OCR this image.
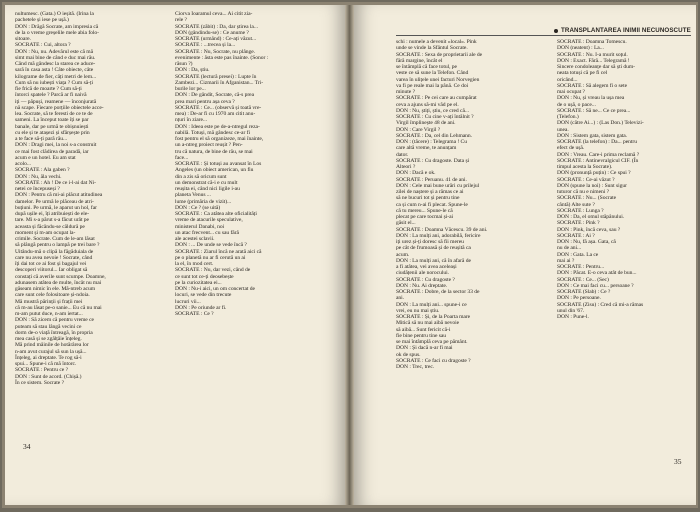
nultumesc. (Gata.) O ieșită. (Irina la
pachetele și iese pe ușă.)
DON : Drăgă Socrate, am impresia că
de la o vreme greșelile mele abia folo-
sitoare.
SOCRATE : Cui, altora ?
DON : Nu, nu. Adevărul este că mă
simt mai bine de când e duc mai rău.
Când mă gândesc la starea ce aduce-
sară în casa asta ! Câte obiecte, câte
kilograme de fier, câți metri de lem...
Cum să nu iubești viața ? Cum să-ți
fie frică de moarte ? Cum să-ți
întorci spatele ? Parcă ar fi naivă
iți — păpuși, reamene — înconjurată
nă scape. Fiecare porțiile obiectele acce-
lea. Socrate, să te feresti de ce te de
sameni. La început toate îți se par
banale, dar pe urmă te obișnuiești
cu ele și te atașezi și sfârșește prin
a te face să-ți pară rău...
DON : Dragi mei, la noi s-a construit
ce mai fost clădirea de paradă, iar
acum e un hotel. Eu am stat
acolo...
SOCRATE : Ala gaben ?
DON : Nu, ăla vechi.
SOCRATE : Ah ! De ce i-l-ai dat Ni-
netei ce începuseși ?
DON : Pentru că mi-ai plăcut atitudinea
damelor. Pe urmă le plăceau de atri-
buțiuni. Pe urmă, le aparut un hol, far
după ușile ei, îți atribuiești de ele-
tare. Mi s-a părut s-a făcut urât pe
aceasta și făcându-se căldură pe
moment și m-am ocupat la-
crimile. Socrate. Cum de le-am lăsat
să plângă pentru o lampă pe trei bare ?
Uitându-mă o clipă la făgăduiala de
care nu avea nevoie ! Socrate, când
îți dai tot ce ai fost și bagajul vei
descoperi viitorul... Iar obligat să
constați că averile sunt scumpe. Doamne,
adunasem atâtea de multe, încât nu mai
găseam nimic în ele. Mă-ntreb acum
care sunt cele folositoare și-ndoia.
Mă mustră părinții și frații mei
că m-au lăsat pe-o sanie... Eu că nu mai
m-am putut duce, n-am iertat...
DON : Să zicem că pentru vreme ce
puteam să stau lângă vecini ce
dorm de-o viață întreagă, în propria
mea casă și se zgâlțâie înțeleg.
Mă prind mâinile de hotărârea lor
n-am avut curajul să sun la ușă...
Înțeleg, ai dreptate. Te rog să-i
spui... Spune-i că mă întorc.
SOCRATE : Pentru ce ?
DON : Sunt de acord. (Chișă.)
În ce sistem. Socrate ?
Ciorva Ioaramul ceva... Ai citit zia-
rele ?
SOCRATE (zăbit) : Da, dar știrea la...
DON (gândindu-se) : Ce anume ?
SOCRATE (urmând) : Ce-ați văzut...
SOCRATE : ...trecea și la...
SOCRATE : Nu, Socrate, nu plânge.
evenimente : ăsta este pas înainte. (Sonor :
răsun ?)
DON : Da, știu.
SOCRATE (lectură presei) : Lupte în
Zambezi... Cizmarii în Afganistan... Tri-
burile lor pe...
DON : De gândit, Socrate, că-s prea
prea mari pentru așa ceva ?
SOCRATE : Ce... (observă și toată vre-
mea) : De-ar fi cu 1970 am citit anu-
nțuri în ziare...
DON : Ideea este pe de-a-ntregul reza-
nabilă. Totuși, mă gândesc ce-ar fi
fost pentru el să organizeze, mai înainte,
un a-ntreg proiect reușit ? Pen-
tru că natura, de bine de rău, se mai
face...
SOCRATE : Și totuși au avansat în Los
Angeles (un obiect american, un fiu
din a zis să oricum sunt
un demonstrat că-i e cu mult
reușita ei, când nici ligile i-au
planeta Venus ...
lume (primăria de vizit)...
DON : Ce ? (se uită)
SOCRATE : Ca atâtea alte oficialități
vreme de atacurile speculative,
ministerul Danabi, noi
un atac frecvent... cu sau fără
ale acestei sclavii.
DON : ... De unde se vede încă ?
SOCRATE : Ziarul încă ne arată aici că
pe o planetă nu ar fi cerută un ai
la el, în mod cert.
SOCRATE : Nu, dar vezi, când de
ce sunt tot ce-ți deosebește
pe la curiozitatea ei...
DON : Nu-i aici, un om concertat de
locuri, se vede din trecute
lucruri vii...
DON : Pe oriunde ar fi.
SOCRATE : Ce ?
34
TRANSPLANTAREA INIMII NECUNOSCUTE
schi : numele a devenit «local». Pink
unde se vinde la Sfântul Socrate.
SOCRATE : Sexa de proprietarii ale de
fără margine, încât el
se întâmplă că face totul, pe
veste ce să sune la Telefon. Când
varea în ulițele unei facturi Norvegien
va fi pe reale mai la până. Ce doi
minute ?
SOCRATE : Pe cei care au cumpărat
ceva a ajuns să-mi văd pe el.
DON : Nu, știți, știu, ce cred că...
SOCRATE : Cu cine v-ați întâlnit ?
Virgil împlinește 48 de ani.
DON : Care Virgil ?
SOCRATE : Da, cel din Lehmann.
DON : (tăcere) : Telegrama ! Cu
care altă vreme, te anunțam
dator.
SOCRATE : Cu dragoste. Data și
Alteori ?
DON : Dacă e ok.
SOCRATE : Peruanu. 41 de ani.
DON : Cele mai bune urări cu prilejul
zilei de naștere și a rămas ce ai
să ne bucuri tot și pentru tine
ca și cum n-ai fi plecat. Spune-le
că tu mereu... Spune-le că
plecat pe care tocmai și-ai
găsit el...
SOCRATE : Doamna Văcescu. 39 de ani.
DON : La mulți ani, adorabilă, fericire
iți urez și-ți doresc să fii mereu
pe cât de frumoasă și de reușită ca
acum.
DON : La mulți ani, că în afară de
a fi atâtea, vei avea aceleași
ciudățenii ale norocului.
SOCRATE : Cu dragoste ?
DON : Nu. Ai dreptate.
SOCRATE : Dobre, de la sector 33 de
ani.
DON : La mulți ani... spune-i ce
vrei, eu nu mai știu.
SOCRATE : Și, de la Poarta mare
Mitică să nu mai aibă nevoie
să aibă... Sunt fericit că-i
fie bine pentru tine sau
se mai întâmplă ceva pe pământ.
DON : Și dacă n-ar fi mai
ok de spus.
SOCRATE : Ce faci cu dragoste ?
DON : Trec, trec.
SOCRATE : Doamna Tomescu.
DON (neatent) : La...
SOCRATE : Nu. I-a murit soțul.
DON : Exact. Fără... Telegramă !
Sincere condoleanțe dar să ști dum-
neata totuși că pe fi cel
oricând...
SOCRATE : Să alegem fi o sete
mai ocupat ?
DON : Nu, și vreau la ușa mea
de o ușă, o pace...
SOCRATE : Să ne... Ce ce prea...
(Telefon.)
DON (către Ai...) : (Las Don.) Televizi-
unea.
DON : Sistem gata, sistem gata.
SOCRATE (la telefon) : Da... pentru
efect de ușă.
DON : Vreau. Care-i prima reclamă ?
SOCRATE : Antinevralgicul CIF. (În
timpul acesta la Socrate).
DON (pronunță puțin) : Ce spui ?
SOCRATE : Ce-ai văzut ?
DON (spune la noi) : Sunt sigur
tuturor că nu e nimeni ?
SOCRATE : Nu... (Socrate
cântă) Alte sute ?
SOCRATE : Lunga ?
DON : Da, el omul stăpânului.
SOCRATE : Pink ?
DON : Pink, încă ceva, sau ?
SOCRATE : Ai ?
DON : Nu, fă așa. Gata, că
nu de ani...
DON : Gata. La ce
mai ai ?
SOCRATE : Pentru...
DON : Păcat. E-o ceva atât de bun...
SOCRATE : Ce... (Sec)
DON : Ce mai faci cu... persoane ?
SOCRATE (Slab) : Ce ?
DON : Pe persoane.
SOCRATE (Zisu) : Cred că mi-a rămas
unul din '67.
DON : Pune-l.
35
